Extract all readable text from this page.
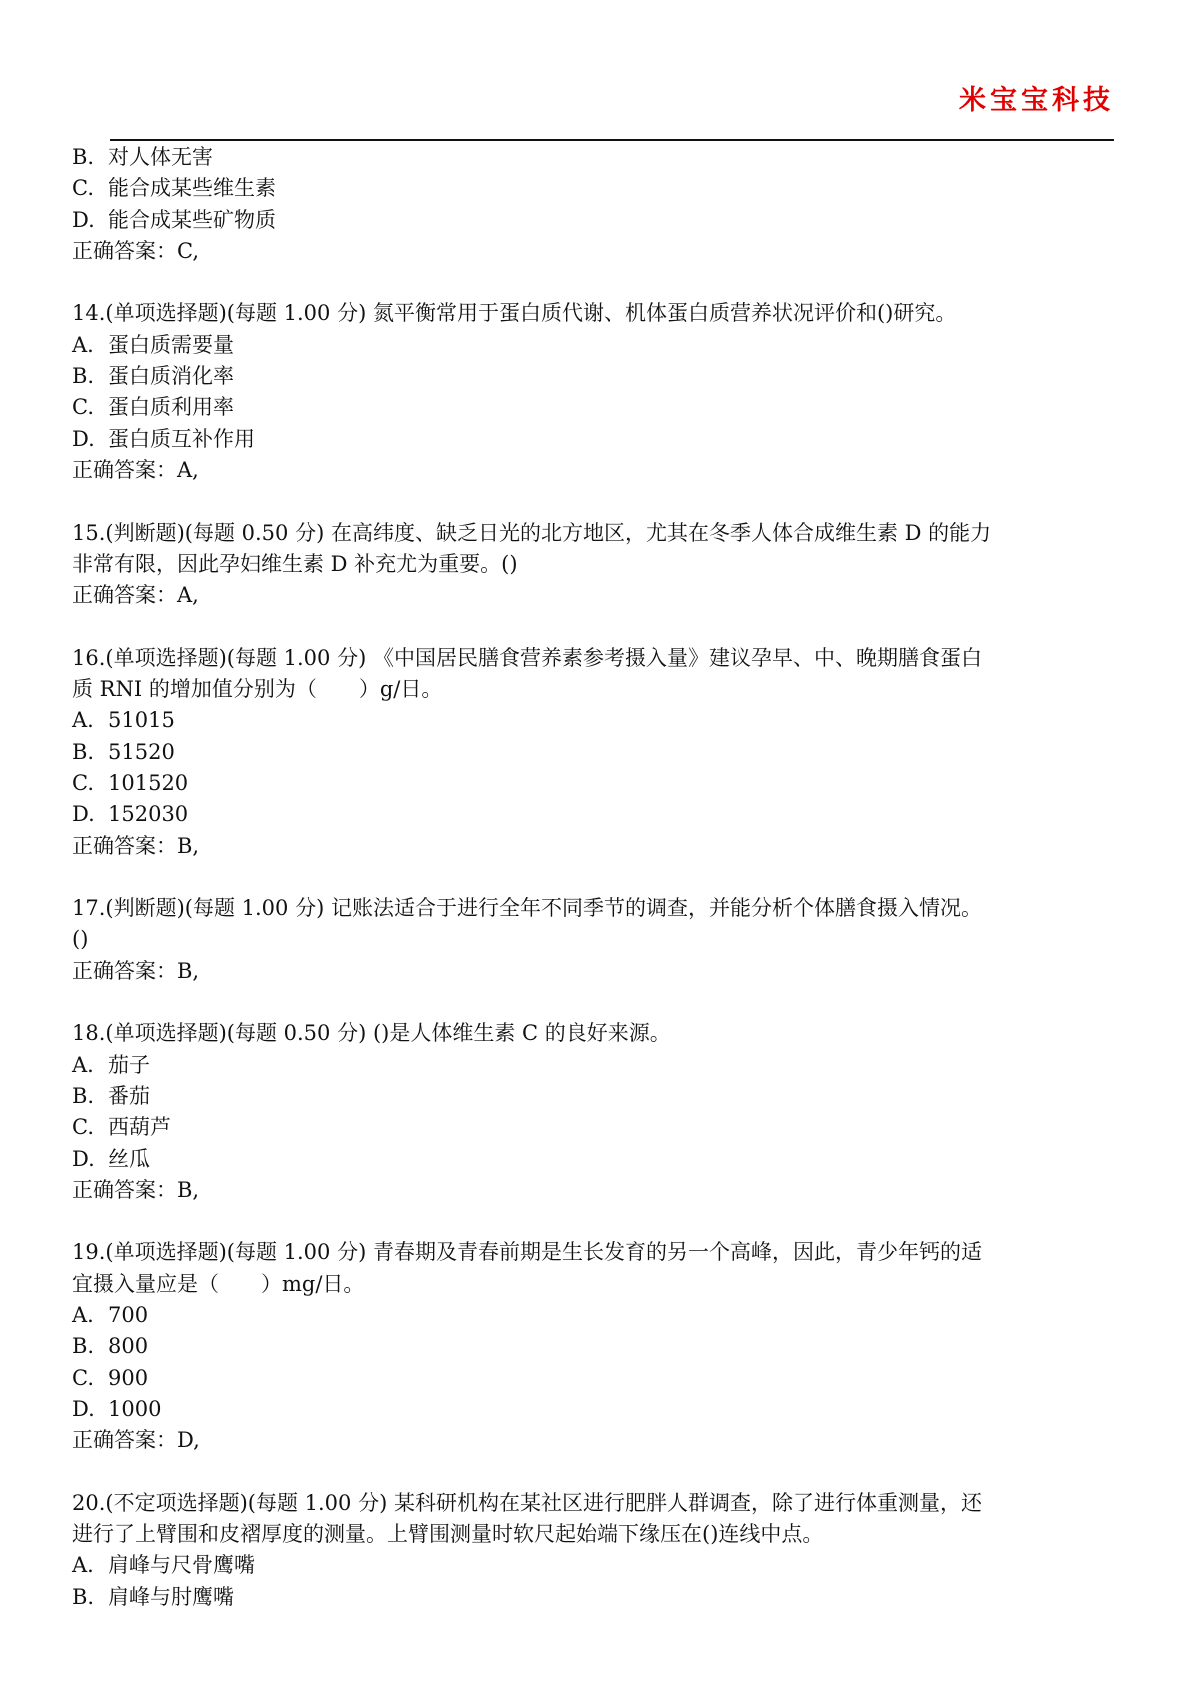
米宝宝科技
B. 对人体无害
C. 能合成某些维生素
D. 能合成某些矿物质
正确答案：C,
14.(单项选择题)(每题 1.00 分) 氮平衡常用于蛋白质代谢、机体蛋白质营养状况评价和()研究。
A. 蛋白质需要量
B. 蛋白质消化率
C. 蛋白质利用率
D. 蛋白质互补作用
正确答案：A,
15.(判断题)(每题 0.50 分) 在高纬度、缺乏日光的北方地区，尤其在冬季人体合成维生素 D 的能力
非常有限，因此孕妇维生素 D 补充尤为重要。()
正确答案：A,
16.(单项选择题)(每题 1.00 分) 《中国居民膳食营养素参考摄入量》建议孕早、中、晚期膳食蛋白
质 RNI 的增加值分别为（　　）g/日。
A. 51015
B. 51520
C. 101520
D. 152030
正确答案：B,
17.(判断题)(每题 1.00 分) 记账法适合于进行全年不同季节的调查，并能分析个体膳食摄入情况。
()
正确答案：B,
18.(单项选择题)(每题 0.50 分) ()是人体维生素 C 的良好来源。
A. 茄子
B. 番茄
C. 西葫芦
D. 丝瓜
正确答案：B,
19.(单项选择题)(每题 1.00 分) 青春期及青春前期是生长发育的另一个高峰，因此，青少年钙的适
宜摄入量应是（　　）mg/日。
A. 700
B. 800
C. 900
D. 1000
正确答案：D,
20.(不定项选择题)(每题 1.00 分) 某科研机构在某社区进行肥胖人群调查，除了进行体重测量，还
进行了上臂围和皮褶厚度的测量。上臂围测量时软尺起始端下缘压在()连线中点。
A. 肩峰与尺骨鹰嘴
B. 肩峰与肘鹰嘴
